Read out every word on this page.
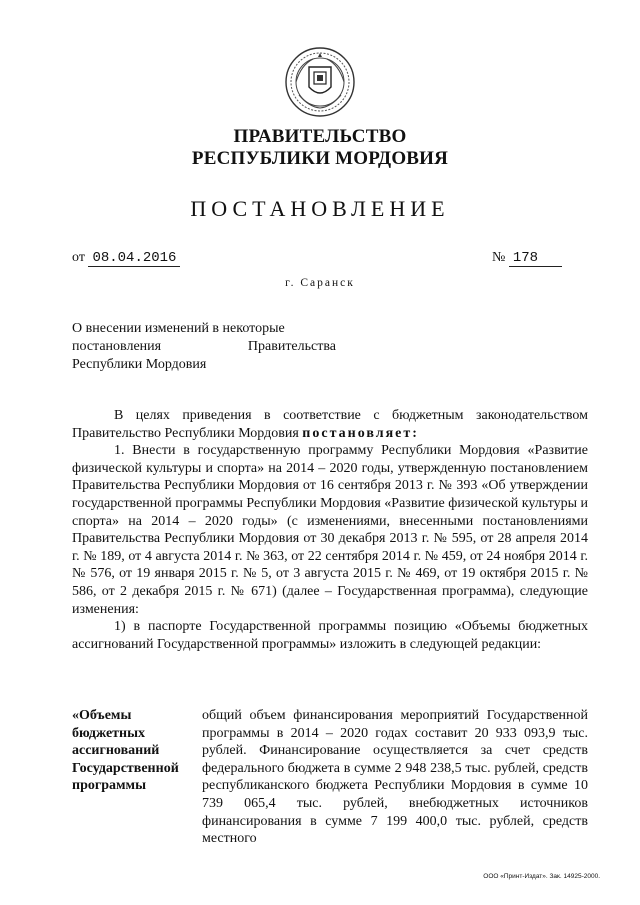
ПРАВИТЕЛЬСТВО
РЕСПУБЛИКИ МОРДОВИЯ
ПОСТАНОВЛЕНИЕ
от 08.04.2016	№ 178
г. Саранск
О внесении изменений в некоторые
постановления	Правительства
Республики Мордовия

В целях приведения в соответствие с бюджетным законодательством Правительство Республики Мордовия постановляет:

1. Внести в государственную программу Республики Мордовия «Развитие физической культуры и спорта» на 2014 – 2020 годы, утвержденную постановлением Правительства Республики Мордовия от 16 сентября 2013 г. № 393 «Об утверждении государственной программы Республики Мордовия «Развитие физической культуры и спорта» на 2014 – 2020 годы» (с изменениями, внесенными постановлениями Правительства Республики Мордовия от 30 декабря 2013 г. № 595, от 28 апреля 2014 г. № 189, от 4 августа 2014 г. № 363, от 22 сентября 2014 г. № 459, от 24 ноября 2014 г. № 576, от 19 января 2015 г. № 5, от 3 августа 2015 г. № 469, от 19 октября 2015 г. № 586, от 2 декабря 2015 г. № 671) (далее – Государственная программа), следующие изменения:

1) в паспорте Государственной программы позицию «Объемы бюджетных ассигнований Государственной программы» изложить в следующей редакции:

«Объемы
бюджетных
ассигнований
Государственной
программы

общий объем финансирования мероприятий Государственной программы в 2014 – 2020 годах составит 20 933 093,9 тыс. рублей. Финансирование осуществляется за счет средств федерального бюджета в сумме 2 948 238,5 тыс. рублей, средств республиканского бюджета Республики Мордовия в сумме 10 739 065,4 тыс. рублей, внебюджетных источников финансирования в сумме 7 199 400,0 тыс. рублей, средств местного

ООО «Принт-Издат». Зак. 14925-2000.
